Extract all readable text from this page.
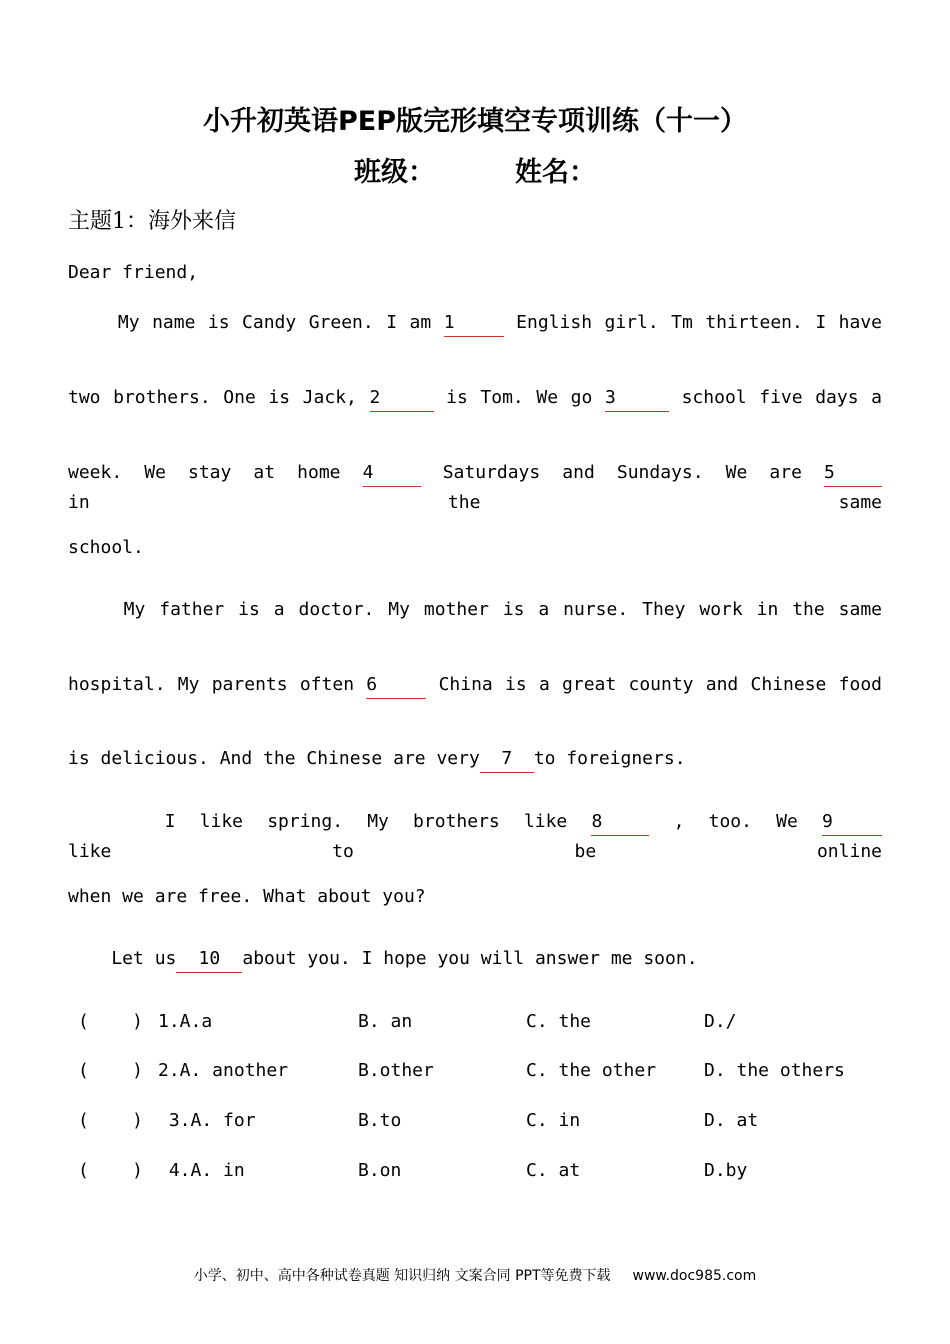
小升初英语PEP版完形填空专项训练（十一）
班级：	姓名：
主题1：海外来信
Dear friend,
My name is Candy Green. I am 1	English girl. Tm thirteen. I have
two brothers. One is Jack, 2	is Tom. We go 3	school five days a
week. We stay at home 4	Saturdays and Sundays. We are 5 in the same
school.
My father is a doctor. My mother is a nurse. They work in the same
hospital. My parents often 6	China is a great county and Chinese food
is delicious. And the Chinese are very 7 to foreigners.
I like spring. My brothers like 8	, too. We 9 like to be online
when we are free. What about you?
Let us 10 about you. I hope you will answer me soon.
(    ) 1.A.a	B. an	C. the	D./
(    ) 2.A. another	B.other	C. the other	D. the others
(    ) 3.A. for	B.to	C. in	D. at
(    ) 4.A. in	B.on	C. at	D.by
小学、初中、高中各种试卷真题 知识归纳 文案合同 PPT等免费下载 www.doc985.com
